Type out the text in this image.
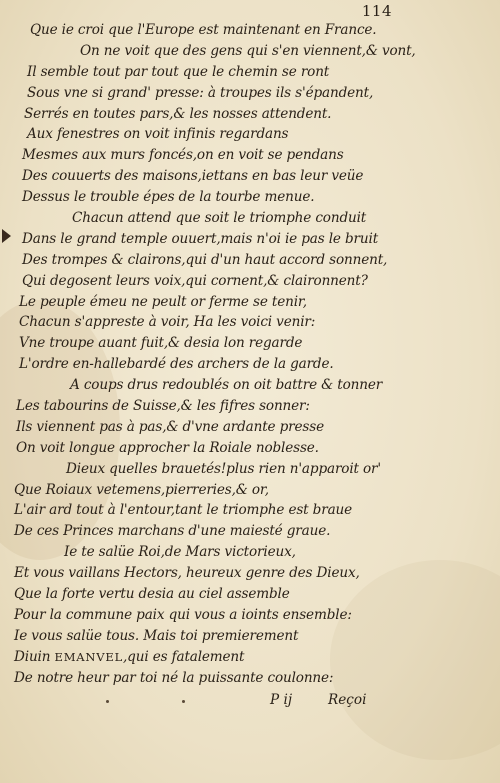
114
Que ie croi que l'Europe est maintenant en France.
On ne voit que des gens qui s'en viennent,& vont,
Il semble tout par tout que le chemin se ront
Sous vne si grand' presse: à troupes ils s'épandent,
Serrés en toutes pars,& les nosses attendent.
Aux fenestres on voit infinis regardans
Mesmes aux murs foncés,on en voit se pendans
Des couuerts des maisons,iettans en bas leur veüe
Dessus le trouble épes de la tourbe menue.
Chacun attend que soit le triomphe conduit
Dans le grand temple ouuert,mais n'oi ie pas le bruit
Des trompes & clairons,qui d'un haut accord sonnent,
Qui degosent leurs voix,qui cornent,& claironnent?
Le peuple émeu ne peult or ferme se tenir,
Chacun s'appreste à voir, Ha les voici venir:
Vne troupe auant fuit,& desia lon regarde
L'ordre en-hallebardé des archers de la garde.
A coups drus redoublés on oit battre & tonner
Les tabourins de Suisse,& les fifres sonner:
Ils viennent pas à pas,& d'vne ardante presse
On voit longue approcher la Roiale noblesse.
Dieux quelles brauetés!plus rien n'apparoit or'
Que Roiaux vetemens,pierreries,& or,
L'air ard tout à l'entour,tant le triomphe est braue
De ces Princes marchans d'une maiesté graue.
Ie te salüe Roi,de Mars victorieux,
Et vous vaillans Hectors, heureux genre des Dieux,
Que la forte vertu desia au ciel assemble
Pour la commune paix qui vous a ioints ensemble:
Ie vous salüe tous. Mais toi premierement
Diuin EMANVEL,qui es fatalement
De notre heur par toi né la puissante coulonne:
P ij	Reçoi
